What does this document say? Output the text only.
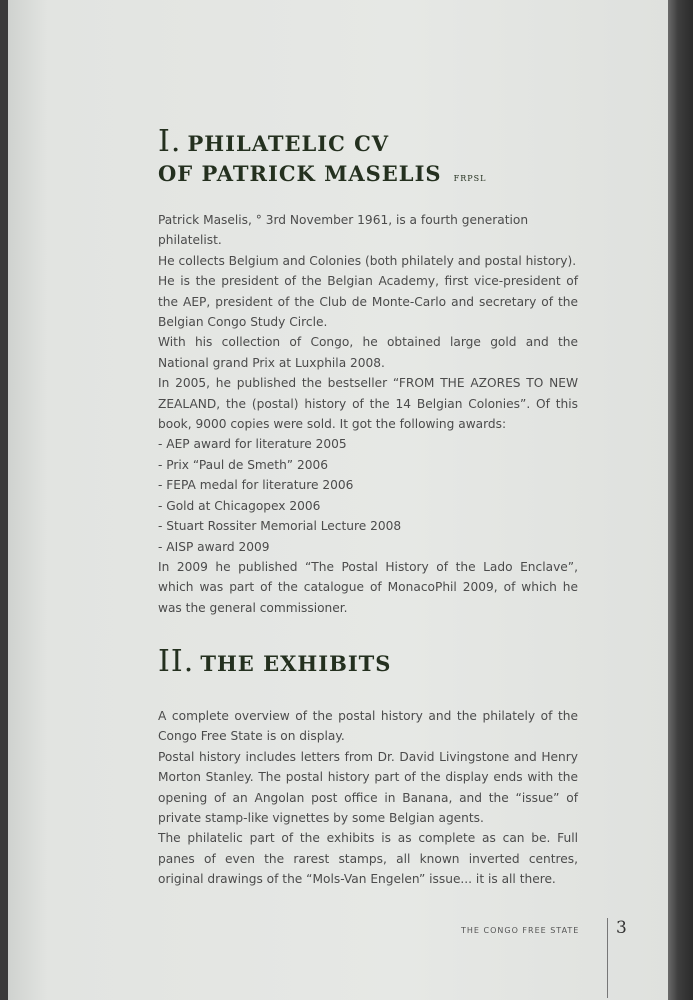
I. PHILATELIC CV
OF PATRICK MASELIS FRPSL

Patrick Maselis, ° 3rd November 1961, is a fourth generation philatelist.

He collects Belgium and Colonies (both philately and postal history).

He is the president of the Belgian Academy, first vice-president of the AEP, president of the Club de Monte-Carlo and secretary of the Belgian Congo Study Circle.

With his collection of Congo, he obtained large gold and the National grand Prix at Luxphila 2008.

In 2005, he published the bestseller “FROM THE AZORES TO NEW ZEALAND, the (postal) history of the 14 Belgian Colonies”. Of this book, 9000 copies were sold. It got the following awards:

- AEP award for literature 2005

- Prix “Paul de Smeth” 2006

- FEPA medal for literature 2006

- Gold at Chicagopex 2006

- Stuart Rossiter Memorial Lecture 2008

- AISP award 2009

In 2009 he published “The Postal History of the Lado Enclave”, which was part of the catalogue of MonacoPhil 2009, of which he was the general commissioner.

II. THE EXHIBITS

A complete overview of the postal history and the philately of the Congo Free State is on display.

Postal history includes letters from Dr. David Livingstone and Henry Morton Stanley. The postal history part of the display ends with the opening of an Angolan post office in Banana, and the “issue” of private stamp-like vignettes by some Belgian agents.

The philatelic part of the exhibits is as complete as can be. Full panes of even the rarest stamps, all known inverted centres, original drawings of the “Mols-Van Engelen” issue... it is all there.

THE CONGO FREE STATE 3
